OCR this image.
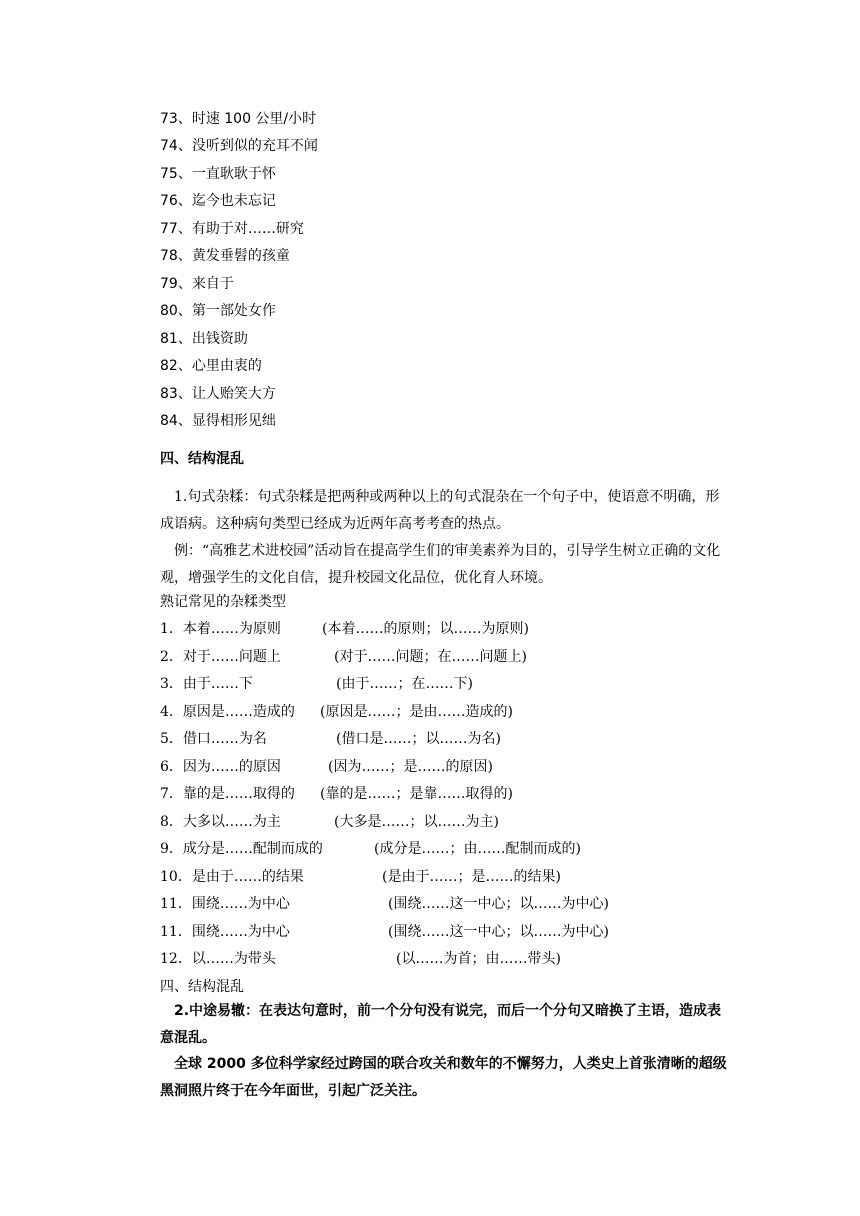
73、时速 100 公里/小时
74、没听到似的充耳不闻
75、一直耿耿于怀
76、迄今也未忘记
77、有助于对……研究
78、黄发垂髫的孩童
79、来自于
80、第一部处女作
81、出钱资助
82、心里由衷的
83、让人贻笑大方
84、显得相形见绌
四、结构混乱
1.句式杂糅：句式杂糅是把两种或两种以上的句式混杂在一个句子中，使语意不明确，形成语病。这种病句类型已经成为近两年高考考查的热点。
例：“高雅艺术进校园”活动旨在提高学生们的审美素养为目的，引导学生树立正确的文化观，增强学生的文化自信，提升校园文化品位，优化育人环境。
熟记常见的杂糅类型
1．本着……为原则	(本着……的原则；以……为原则)
2．对于……问题上	(对于……问题；在……问题上)
3．由于……下	(由于……；在……下)
4．原因是……造成的 (原因是……；是由……造成的)
5．借口……为名	(借口是……；以……为名)
6．因为……的原因	(因为……；是……的原因)
7．靠的是……取得的 (靠的是……；是靠……取得的)
8．大多以……为主	(大多是……；以……为主)
9．成分是……配制而成的	(成分是……；由……配制而成的)
10．是由于……的结果	(是由于……；是……的结果)
11．围绕……为中心	(围绕……这一中心；以……为中心)
11．围绕……为中心	(围绕……这一中心；以……为中心)
12．以……为带头	(以……为首；由……带头)
四、结构混乱
2.中途易辙：在表达句意时，前一个分句没有说完，而后一个分句又暗换了主语，造成表意混乱。
全球 2000 多位科学家经过跨国的联合攻关和数年的不懈努力，人类史上首张清晰的超级黑洞照片终于在今年面世，引起广泛关注。
